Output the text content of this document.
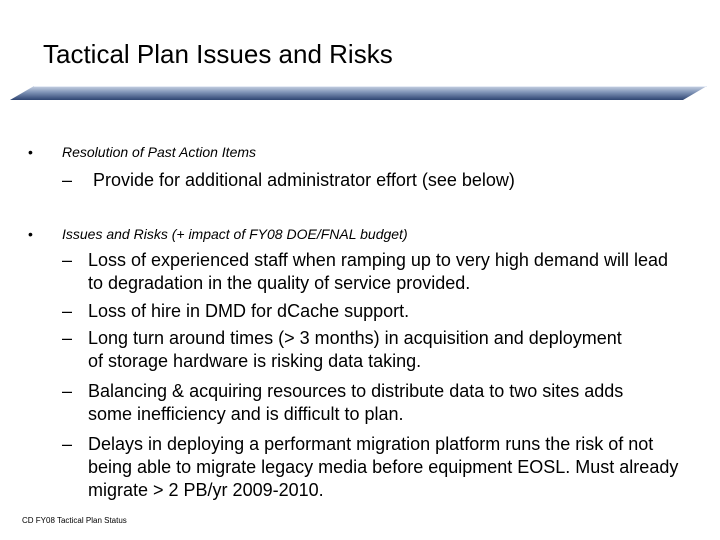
Tactical Plan Issues and Risks
• Resolution of Past Action Items
–	Provide for additional administrator effort (see below)
• Issues and Risks (+ impact of FY08 DOE/FNAL budget)
– Loss of experienced staff when ramping up to very high demand will lead to degradation in the quality of service provided.
– Loss of hire in DMD for dCache support.
– Long turn around times (> 3 months) in acquisition and deployment of storage hardware is risking data taking.
– Balancing & acquiring resources to distribute data to two sites adds some inefficiency and is difficult to plan.
– Delays in deploying a performant migration platform runs the risk of not being able to migrate legacy media before equipment EOSL. Must already migrate > 2 PB/yr 2009-2010.
CD FY08 Tactical Plan Status
